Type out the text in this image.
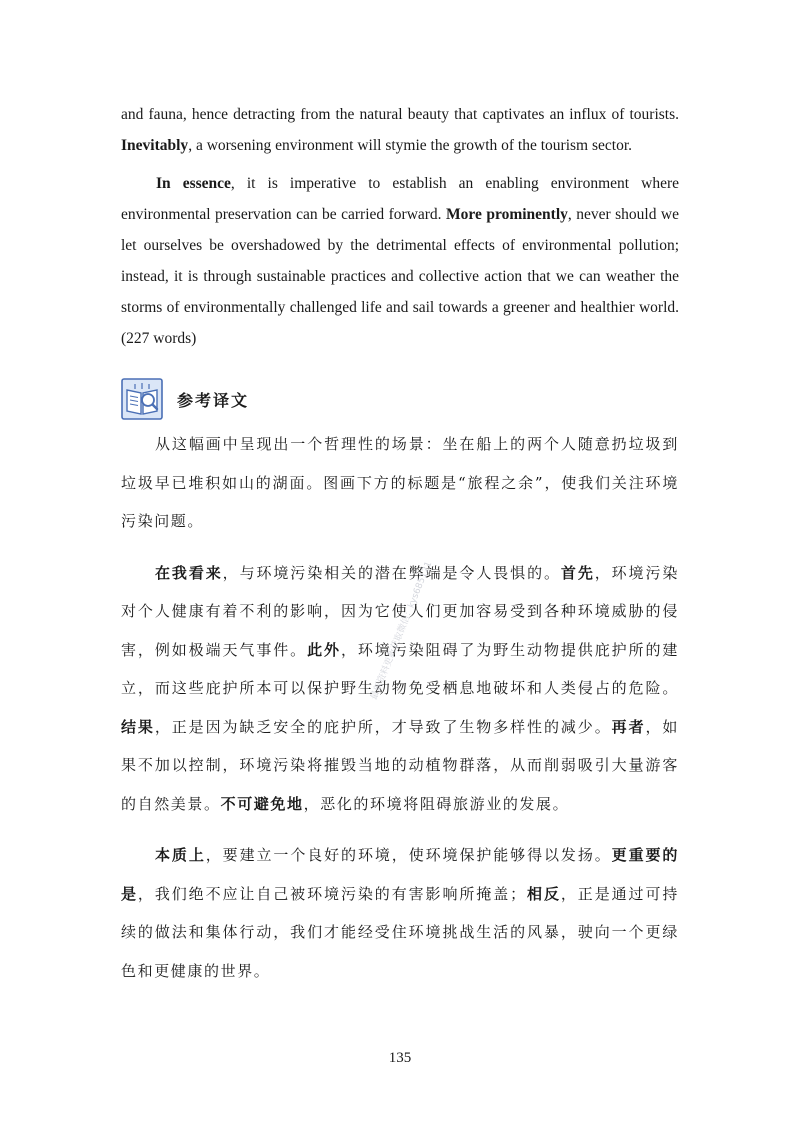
and fauna, hence detracting from the natural beauty that captivates an influx of tourists. Inevitably, a worsening environment will stymie the growth of the tourism sector.

In essence, it is imperative to establish an enabling environment where environmental preservation can be carried forward. More prominently, never should we let ourselves be overshadowed by the detrimental effects of environmental pollution; instead, it is through sustainable practices and collective action that we can weather the storms of environmentally challenged life and sail towards a greener and healthier world. (227 words)

参考译文

从这幅画中呈现出一个哲理性的场景：坐在船上的两个人随意扔垃圾到垃圾早已堆积如山的湖面。图画下方的标题是“旅程之余”，使我们关注环境污染问题。

在我看来，与环境污染相关的潜在弊端是令人畏惧的。首先，环境污染对个人健康有着不利的影响，因为它使人们更加容易受到各种环境威胁的侵害，例如极端天气事件。此外，环境污染阻碍了为野生动物提供庇护所的建立，而这些庇护所本可以保护野生动物免受栖息地破坏和人类侵占的危险。结果，正是因为缺乏安全的庇护所，才导致了生物多样性的减少。再者，如果不加以控制，环境污染将摧毁当地的动植物群落，从而削弱吸引大量游客的自然美景。不可避免地，恶化的环境将阻碍旅游业的发展。

本质上，要建立一个良好的环境，使环境保护能够得以发扬。更重要的是，我们绝不应让自己被环境污染的有害影响所掩盖；相反，正是通过可持续的做法和集体行动，我们才能经受住环境挑战生活的风暴，驶向一个更绿色和更健康的世界。

最新资料更新获取微信：kys685121
135
